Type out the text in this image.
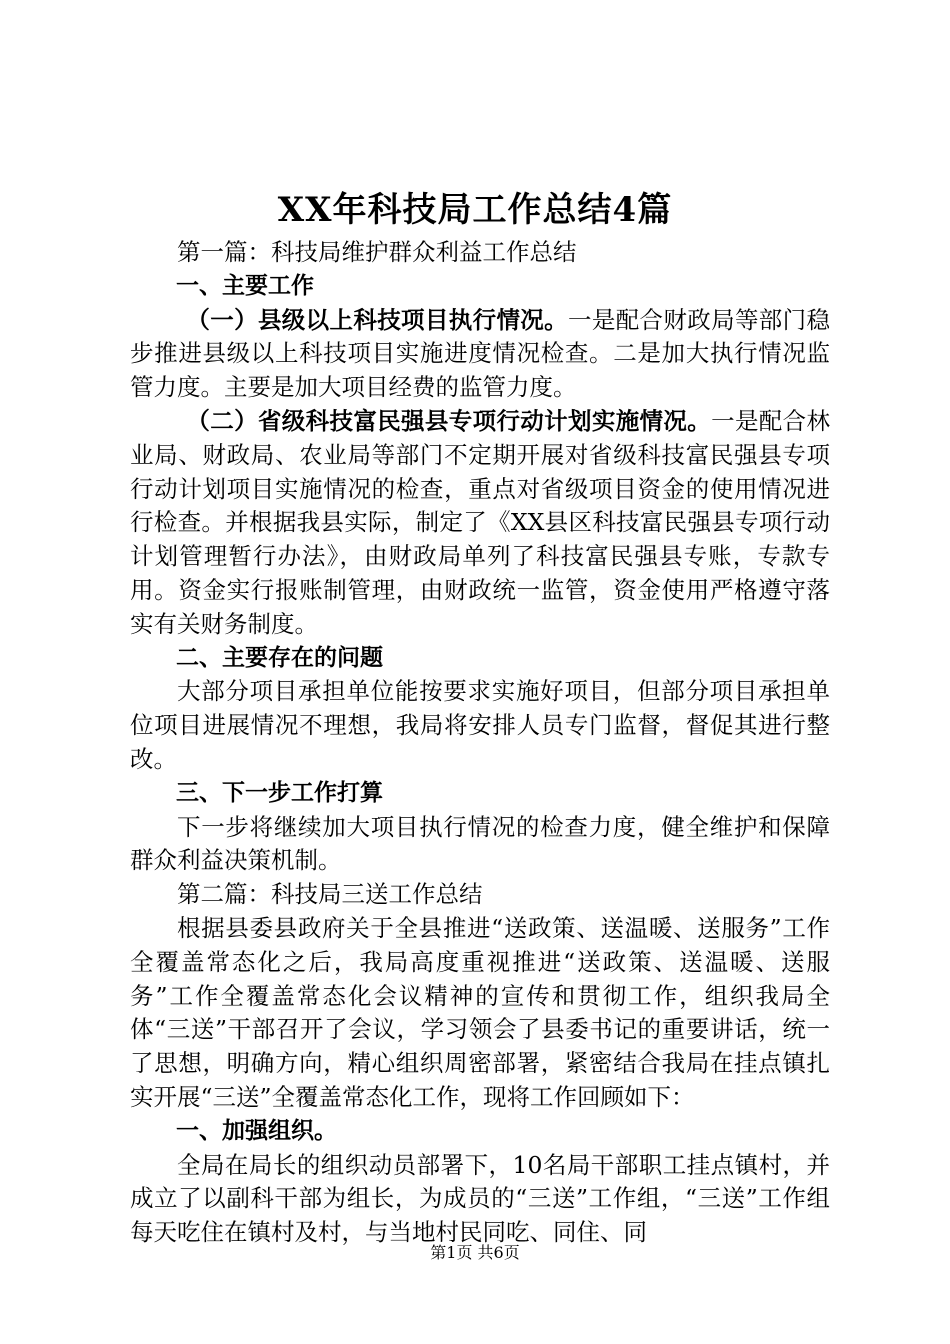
XX年科技局工作总结4篇

第一篇：科技局维护群众利益工作总结

一、主要工作

（一）县级以上科技项目执行情况。一是配合财政局等部门稳步推进县级以上科技项目实施进度情况检查。二是加大执行情况监管力度。主要是加大项目经费的监管力度。

（二）省级科技富民强县专项行动计划实施情况。一是配合林业局、财政局、农业局等部门不定期开展对省级科技富民强县专项行动计划项目实施情况的检查，重点对省级项目资金的使用情况进行检查。并根据我县实际，制定了《XX县区科技富民强县专项行动计划管理暂行办法》，由财政局单列了科技富民强县专账，专款专用。资金实行报账制管理，由财政统一监管，资金使用严格遵守落实有关财务制度。

二、主要存在的问题

大部分项目承担单位能按要求实施好项目，但部分项目承担单位项目进展情况不理想，我局将安排人员专门监督，督促其进行整改。

三、下一步工作打算

下一步将继续加大项目执行情况的检查力度，健全维护和保障群众利益决策机制。

第二篇：科技局三送工作总结

根据县委县政府关于全县推进“送政策、送温暖、送服务”工作全覆盖常态化之后，我局高度重视推进“送政策、送温暖、送服务”工作全覆盖常态化会议精神的宣传和贯彻工作，组织我局全体“三送”干部召开了会议，学习领会了县委书记的重要讲话，统一了思想，明确方向，精心组织周密部署，紧密结合我局在挂点镇扎实开展“三送”全覆盖常态化工作，现将工作回顾如下：

一、加强组织。

全局在局长的组织动员部署下，10名局干部职工挂点镇村，并成立了以副科干部为组长，为成员的“三送”工作组，“三送”工作组每天吃住在镇村及村，与当地村民同吃、同住、同

第1页 共6页
